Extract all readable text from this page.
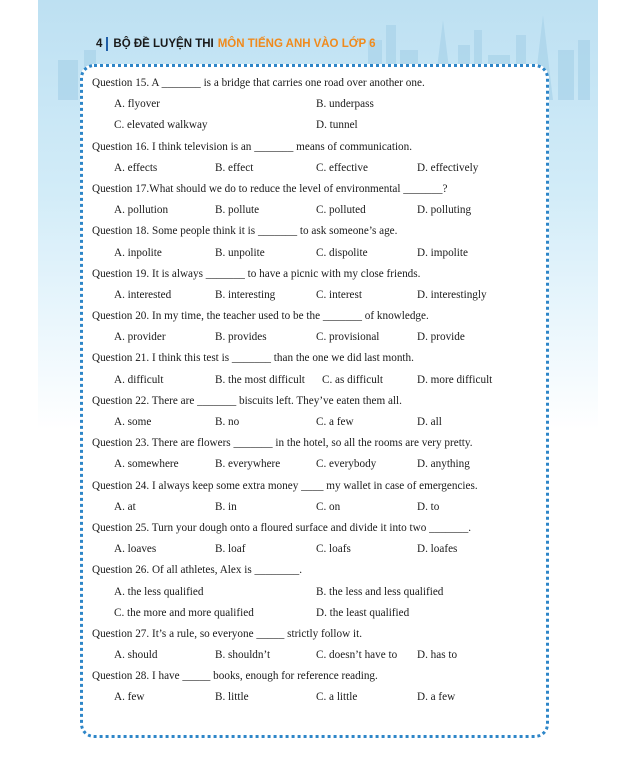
4 BỘ ĐỀ LUYỆN THI MÔN TIẾNG ANH VÀO LỚP 6
Question 15. A _______ is a bridge that carries one road over another one.
A. flyover	B. underpass
C. elevated walkway	D. tunnel
Question 16. I think television is an _______ means of communication.
A. effects	B. effect	C. effective	D. effectively
Question 17.What should we do to reduce the level of environmental _______?
A. pollution	B. pollute	C. polluted	D. polluting
Question 18. Some people think it is _______ to ask someone’s age.
A. inpolite	B. unpolite	C. dispolite	D. impolite
Question 19. It is always _______ to have a picnic with my close friends.
A. interested	B. interesting	C. interest	D. interestingly
Question 20. In my time, the teacher used to be the _______ of knowledge.
A. provider	B. provides	C. provisional	D. provide
Question 21. I think this test is _______ than the one we did last month.
A. difficult	B. the most difficult C. as difficult	D. more difficult
Question 22. There are _______ biscuits left. They’ve eaten them all.
A. some	B. no	C. a few	D. all
Question 23. There are flowers _______ in the hotel, so all the rooms are very pretty.
A. somewhere	B. everywhere	C. everybody	D. anything
Question 24. I always keep some extra money ____ my wallet in case of emergencies.
A. at	B. in	C. on	D. to
Question 25. Turn your dough onto a floured surface and divide it into two _______.
A. loaves	B. loaf	C. loafs	D. loafes
Question 26. Of all athletes, Alex is ________.
A. the less qualified	B. the less and less qualified
C. the more and more qualified	D. the least qualified
Question 27. It’s a rule, so everyone _____ strictly follow it.
A. should	B. shouldn’t	C. doesn’t have to D. has to
Question 28. I have _____ books, enough for reference reading.
A. few	B. little	C. a little	D. a few
